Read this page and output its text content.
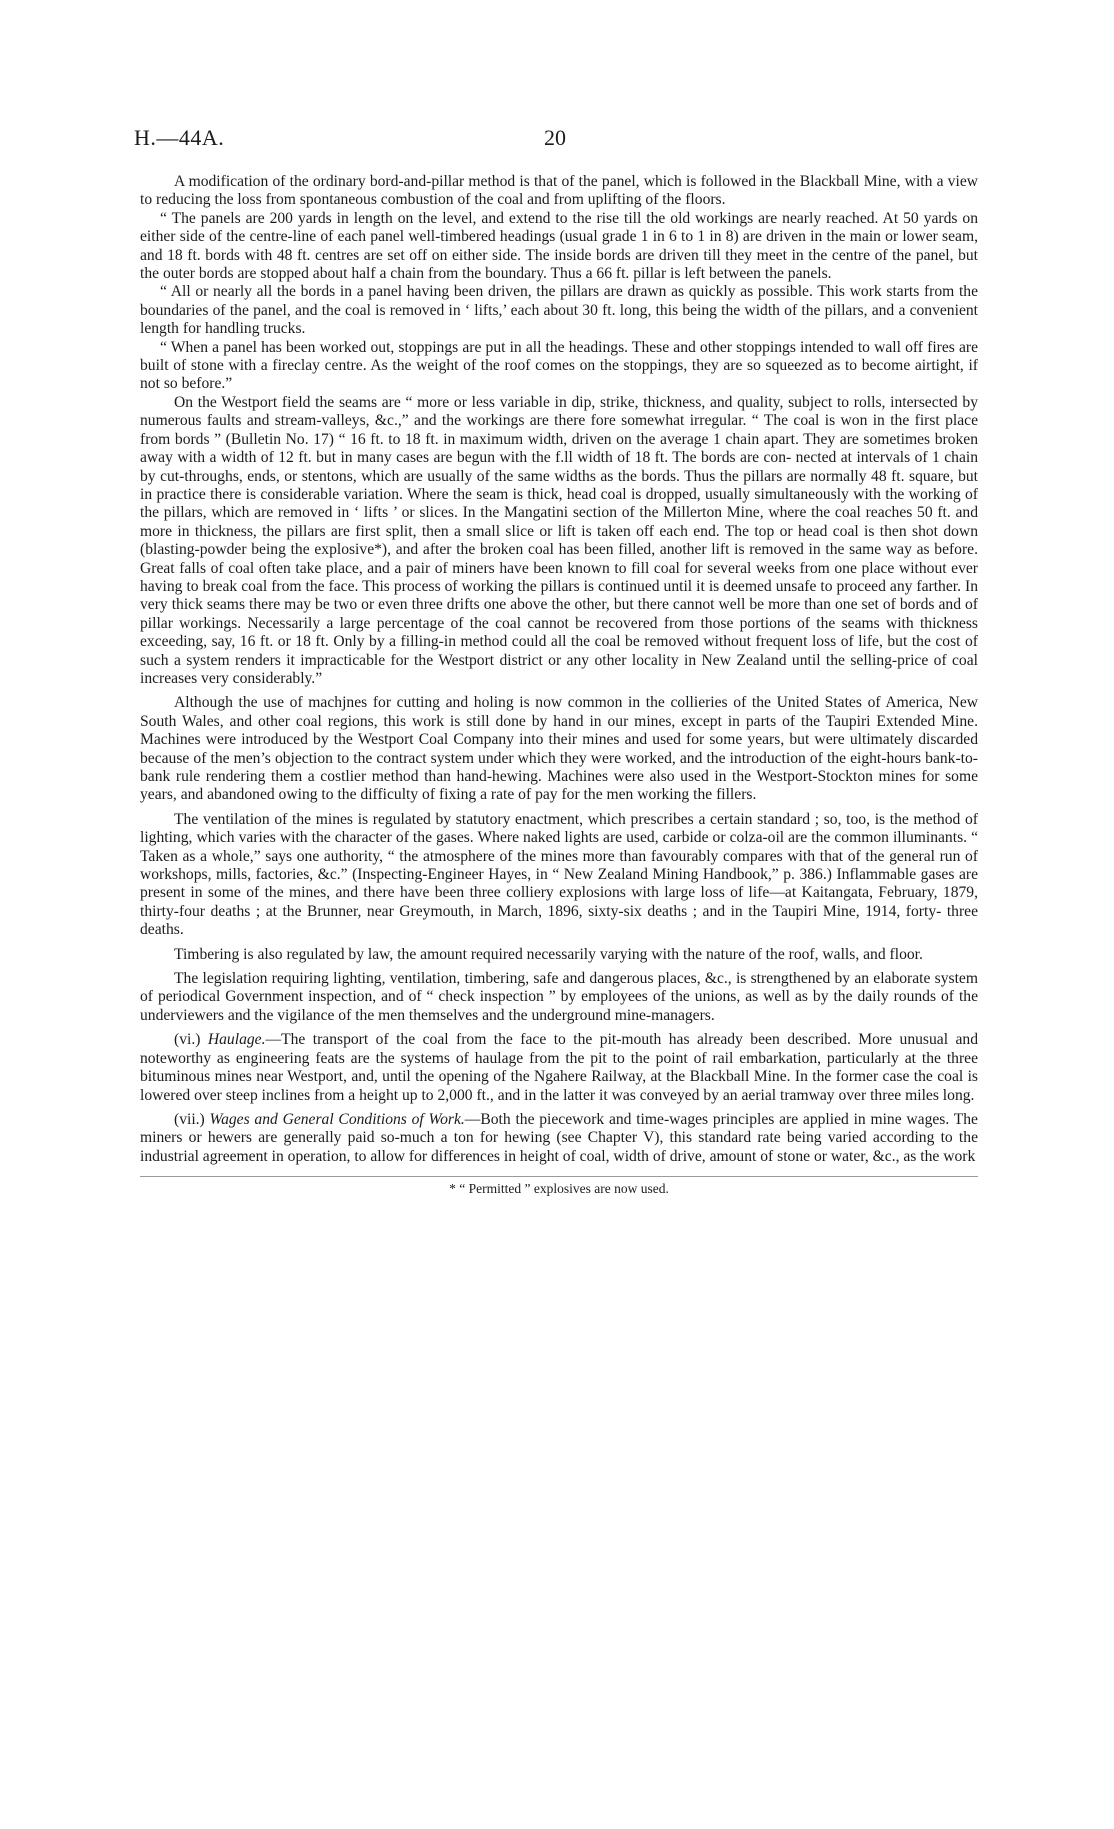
H.—44A.	20

A modification of the ordinary bord-and-pillar method is that of the panel, which is followed in the Blackball Mine, with a view to reducing the loss from spontaneous combustion of the coal and from uplifting of the floors.

“ The panels are 200 yards in length on the level, and extend to the rise till the old workings are nearly reached. At 50 yards on either side of the centre-line of each panel well-timbered headings (usual grade 1 in 6 to 1 in 8) are driven in the main or lower seam, and 18 ft. bords with 48 ft. centres are set off on either side. The inside bords are driven till they meet in the centre of the panel, but the outer bords are stopped about half a chain from the boundary. Thus a 66 ft. pillar is left between the panels.

“ All or nearly all the bords in a panel having been driven, the pillars are drawn as quickly as possible. This work starts from the boundaries of the panel, and the coal is removed in ‘ lifts,’ each about 30 ft. long, this being the width of the pillars, and a convenient length for handling trucks.

“ When a panel has been worked out, stoppings are put in all the headings. These and other stoppings intended to wall off fires are built of stone with a fireclay centre. As the weight of the roof comes on the stoppings, they are so squeezed as to become airtight, if not so before.”

On the Westport field the seams are “ more or less variable in dip, strike, thickness, and quality, subject to rolls, intersected by numerous faults and stream-valleys, &c.,” and the workings are there fore somewhat irregular. “ The coal is won in the first place from bords ” (Bulletin No. 17) “ 16 ft. to 18 ft. in maximum width, driven on the average 1 chain apart. They are sometimes broken away with a width of 12 ft. but in many cases are begun with the f.ll width of 18 ft. The bords are con- nected at intervals of 1 chain by cut-throughs, ends, or stentons, which are usually of the same widths as the bords. Thus the pillars are normally 48 ft. square, but in practice there is considerable variation. Where the seam is thick, head coal is dropped, usually simultaneously with the working of the pillars, which are removed in ‘ lifts ’ or slices. In the Mangatini section of the Millerton Mine, where the coal reaches 50 ft. and more in thickness, the pillars are first split, then a small slice or lift is taken off each end. The top or head coal is then shot down (blasting-powder being the explosive*), and after the broken coal has been filled, another lift is removed in the same way as before. Great falls of coal often take place, and a pair of miners have been known to fill coal for several weeks from one place without ever having to break coal from the face. This process of working the pillars is continued until it is deemed unsafe to proceed any farther. In very thick seams there may be two or even three drifts one above the other, but there cannot well be more than one set of bords and of pillar workings. Necessarily a large percentage of the coal cannot be recovered from those portions of the seams with thickness exceeding, say, 16 ft. or 18 ft. Only by a filling-in method could all the coal be removed without frequent loss of life, but the cost of such a system renders it impracticable for the Westport district or any other locality in New Zealand until the selling-price of coal increases very considerably.”

Although the use of machjnes for cutting and holing is now common in the collieries of the United States of America, New South Wales, and other coal regions, this work is still done by hand in our mines, except in parts of the Taupiri Extended Mine. Machines were introduced by the Westport Coal Company into their mines and used for some years, but were ultimately discarded because of the men’s objection to the contract system under which they were worked, and the introduction of the eight-hours bank-to-bank rule rendering them a costlier method than hand-hewing. Machines were also used in the Westport-Stockton mines for some years, and abandoned owing to the difficulty of fixing a rate of pay for the men working the fillers.

The ventilation of the mines is regulated by statutory enactment, which prescribes a certain standard ; so, too, is the method of lighting, which varies with the character of the gases. Where naked lights are used, carbide or colza-oil are the common illuminants. “ Taken as a whole,” says one authority, “ the atmosphere of the mines more than favourably compares with that of the general run of workshops, mills, factories, &c.” (Inspecting-Engineer Hayes, in “ New Zealand Mining Handbook,” p. 386.) Inflammable gases are present in some of the mines, and there have been three colliery explosions with large loss of life—at Kaitangata, February, 1879, thirty-four deaths ; at the Brunner, near Greymouth, in March, 1896, sixty-six deaths ; and in the Taupiri Mine, 1914, forty- three deaths.

Timbering is also regulated by law, the amount required necessarily varying with the nature of the roof, walls, and floor.

The legislation requiring lighting, ventilation, timbering, safe and dangerous places, &c., is strengthened by an elaborate system of periodical Government inspection, and of “ check inspection ” by employees of the unions, as well as by the daily rounds of the underviewers and the vigilance of the men themselves and the underground mine-managers.

(vi.) Haulage.—The transport of the coal from the face to the pit-mouth has already been described. More unusual and noteworthy as engineering feats are the systems of haulage from the pit to the point of rail embarkation, particularly at the three bituminous mines near Westport, and, until the opening of the Ngahere Railway, at the Blackball Mine. In the former case the coal is lowered over steep inclines from a height up to 2,000 ft., and in the latter it was conveyed by an aerial tramway over three miles long.

(vii.) Wages and General Conditions of Work.—Both the piecework and time-wages principles are applied in mine wages. The miners or hewers are generally paid so-much a ton for hewing (see Chapter V), this standard rate being varied according to the industrial agreement in operation, to allow for differences in height of coal, width of drive, amount of stone or water, &c., as the work

* “ Permitted ” explosives are now used.
